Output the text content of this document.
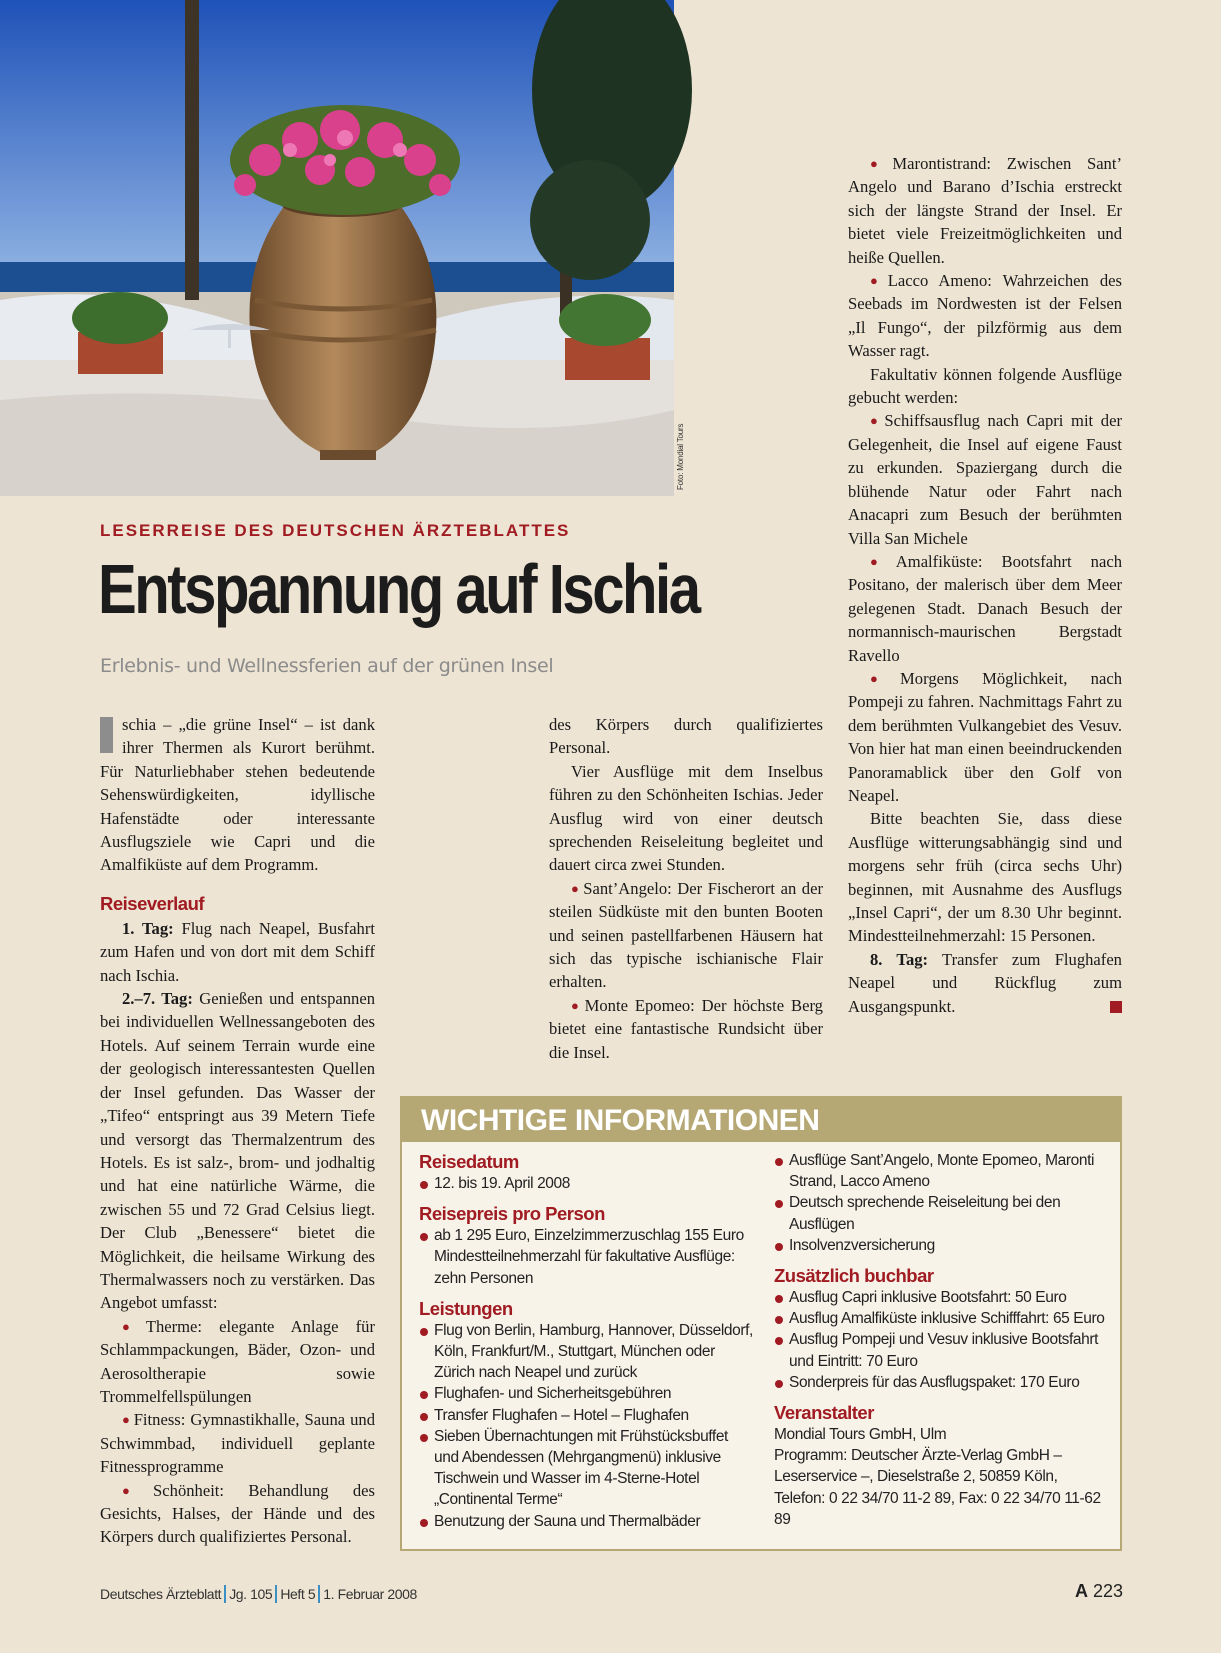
Foto: Mondial Tours
LESERREISE DES DEUTSCHEN ÄRZTEBLATTES
Entspannung auf Ischia
Erlebnis- und Wellnessferien auf der grünen Insel

schia – „die grüne Insel“ – ist dank ihrer Thermen als Kurort berühmt. Für Naturliebhaber stehen bedeutende Sehenswürdigkeiten, idyllische Hafenstädte oder interessante Ausflugsziele wie Capri und die Amalfiküste auf dem Programm.

Reiseverlauf

1. Tag: Flug nach Neapel, Busfahrt zum Hafen und von dort mit dem Schiff nach Ischia.

2.–7. Tag: Genießen und entspannen bei individuellen Wellnessangeboten des Hotels. Auf seinem Terrain wurde eine der geologisch interessantesten Quellen der Insel gefunden. Das Wasser der „Tifeo“ entspringt aus 39 Metern Tiefe und versorgt das Thermalzentrum des Hotels. Es ist salz-, brom- und jodhaltig und hat eine natürliche Wärme, die zwischen 55 und 72 Grad Celsius liegt. Der Club „Benessere“ bietet die Möglichkeit, die heilsame Wirkung des Thermalwassers noch zu verstärken. Das Angebot umfasst:

● Therme: elegante Anlage für Schlammpackungen, Bäder, Ozon- und Aerosoltherapie sowie Trommelfellspülungen

● Fitness: Gymnastikhalle, Sauna und Schwimmbad, individuell geplante Fitnessprogramme

● Schönheit: Behandlung des Gesichts, Halses, der Hände und des Körpers durch qualifiziertes Personal.

des Körpers durch qualifiziertes Personal.

Vier Ausflüge mit dem Inselbus führen zu den Schönheiten Ischias. Jeder Ausflug wird von einer deutsch sprechenden Reiseleitung begleitet und dauert circa zwei Stunden.

● Sant’Angelo: Der Fischerort an der steilen Südküste mit den bunten Booten und seinen pastellfarbenen Häusern hat sich das typische ischianische Flair erhalten.

● Monte Epomeo: Der höchste Berg bietet eine fantastische Rundsicht über die Insel.

● Marontistrand: Zwischen Sant’ Angelo und Barano d’Ischia erstreckt sich der längste Strand der Insel. Er bietet viele Freizeitmöglichkeiten und heiße Quellen.

● Lacco Ameno: Wahrzeichen des Seebads im Nordwesten ist der Felsen „Il Fungo“, der pilzförmig aus dem Wasser ragt.

Fakultativ können folgende Ausflüge gebucht werden:

● Schiffsausflug nach Capri mit der Gelegenheit, die Insel auf eigene Faust zu erkunden. Spaziergang durch die blühende Natur oder Fahrt nach Anacapri zum Besuch der berühmten Villa San Michele

● Amalfiküste: Bootsfahrt nach Positano, der malerisch über dem Meer gelegenen Stadt. Danach Besuch der normannisch-maurischen Bergstadt Ravello

● Morgens Möglichkeit, nach Pompeji zu fahren. Nachmittags Fahrt zu dem berühmten Vulkangebiet des Vesuv. Von hier hat man einen beeindruckenden Panoramablick über den Golf von Neapel.

Bitte beachten Sie, dass diese Ausflüge witterungsabhängig sind und morgens sehr früh (circa sechs Uhr) beginnen, mit Ausnahme des Ausflugs „Insel Capri“, der um 8.30 Uhr beginnt. Mindestteilnehmerzahl: 15 Personen.

8. Tag: Transfer zum Flughafen Neapel und Rückflug zum Ausgangspunkt.

WICHTIGE INFORMATIONEN
Reisedatum
12. bis 19. April 2008
Reisepreis pro Person
ab 1 295 Euro, Einzelzimmerzuschlag 155 Euro Mindestteilnehmerzahl für fakultative Ausflüge: zehn Personen
Leistungen
Flug von Berlin, Hamburg, Hannover, Düsseldorf, Köln, Frankfurt/M., Stuttgart, München oder Zürich nach Neapel und zurück
Flughafen- und Sicherheitsgebühren
Transfer Flughafen – Hotel – Flughafen
Sieben Übernachtungen mit Frühstücksbuffet und Abendessen (Mehrgangmenü) inklusive Tischwein und Wasser im 4-Sterne-Hotel „Continental Terme“
Benutzung der Sauna und Thermalbäder
Ausflüge Sant’Angelo, Monte Epomeo, Maronti Strand, Lacco Ameno
Deutsch sprechende Reiseleitung bei den Ausflügen
Insolvenzversicherung
Zusätzlich buchbar
Ausflug Capri inklusive Bootsfahrt: 50 Euro
Ausflug Amalfiküste inklusive Schifffahrt: 65 Euro
Ausflug Pompeji und Vesuv inklusive Bootsfahrt und Eintritt: 70 Euro
Sonderpreis für das Ausflugspaket: 170 Euro
Veranstalter
Mondial Tours GmbH, Ulm
Programm: Deutscher Ärzte-Verlag GmbH – Leserservice –, Dieselstraße 2, 50859 Köln, Telefon: 0 22 34/70 11-2 89, Fax: 0 22 34/70 11-62 89
Deutsches Ärzteblatt Jg. 105 Heft 5 1. Februar 2008	A 223
